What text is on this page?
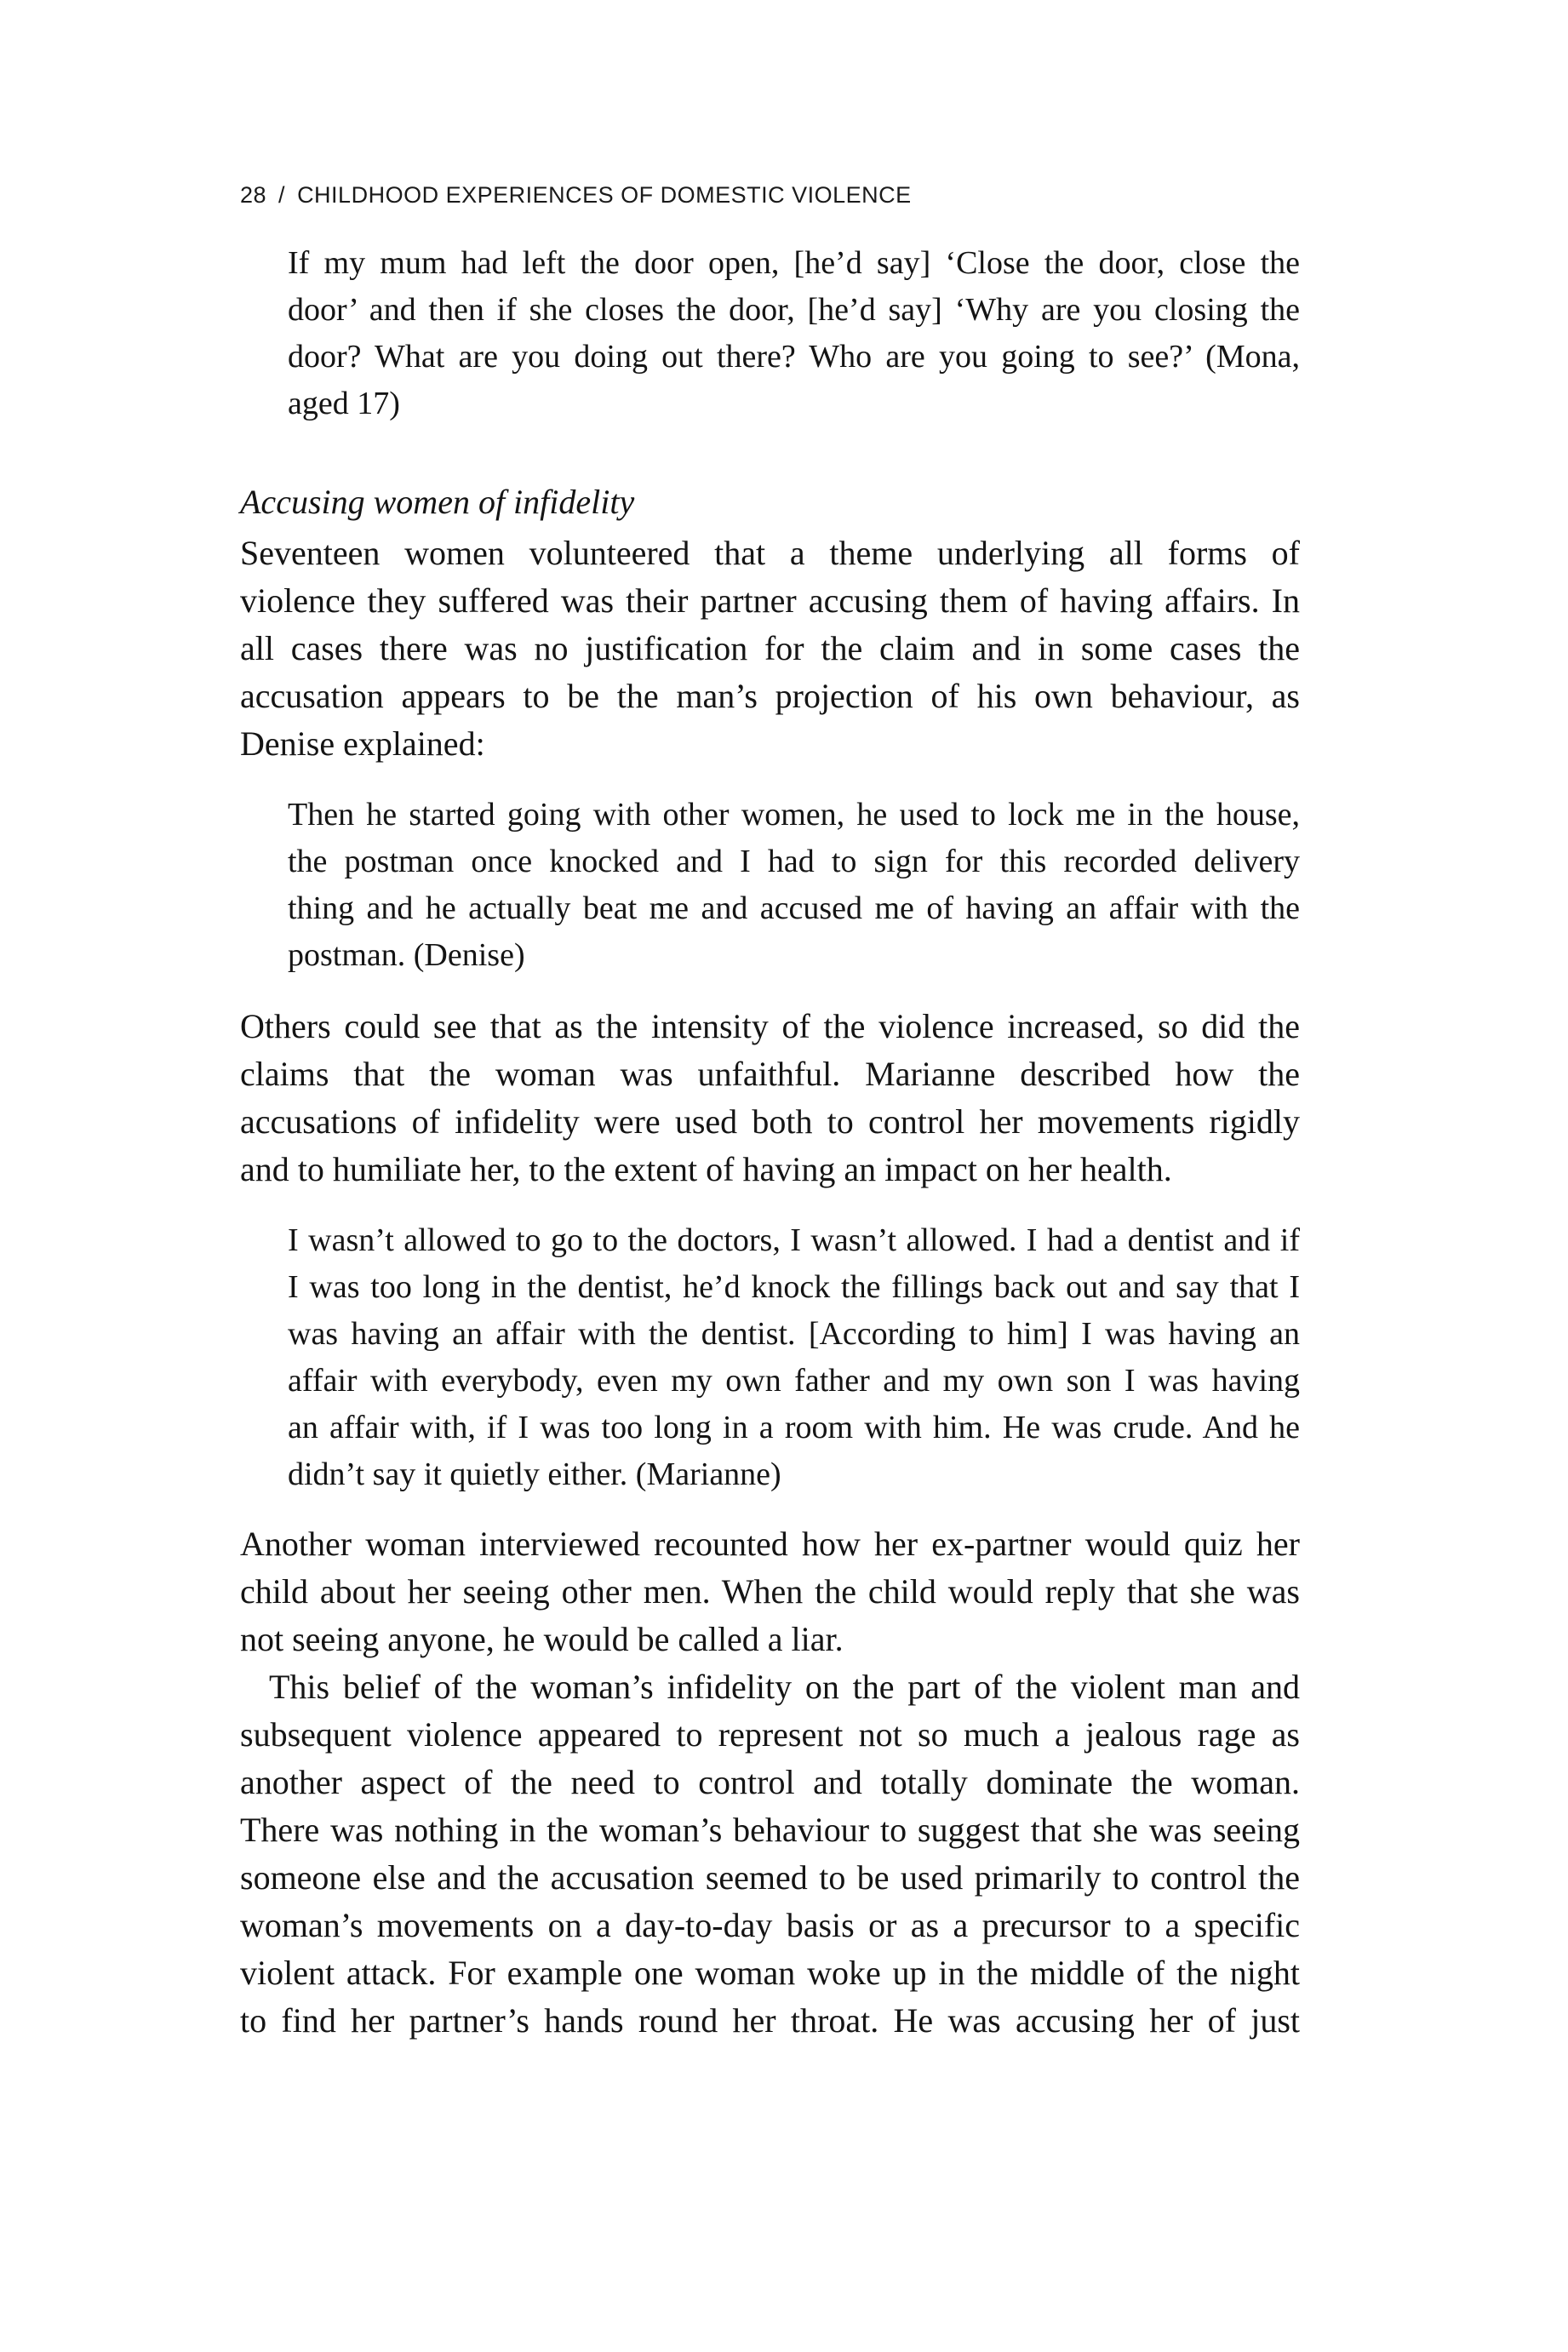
28 / CHILDHOOD EXPERIENCES OF DOMESTIC VIOLENCE
If my mum had left the door open, [he’d say] ‘Close the door, close the
door’ and then if she closes the door, [he’d say] ‘Why are you closing the
door? What are you doing out there? Who are you going to see?’ (Mona,
aged 17)
Accusing women of infidelity
Seventeen women volunteered that a theme underlying all forms of
violence they suffered was their partner accusing them of having affairs. In
all cases there was no justification for the claim and in some cases the
accusation appears to be the man’s projection of his own behaviour, as
Denise explained:
Then he started going with other women, he used to lock me in the house,
the postman once knocked and I had to sign for this recorded delivery
thing and he actually beat me and accused me of having an affair with the
postman. (Denise)
Others could see that as the intensity of the violence increased, so did the
claims that the woman was unfaithful. Marianne described how the
accusations of infidelity were used both to control her movements rigidly
and to humiliate her, to the extent of having an impact on her health.
I wasn’t allowed to go to the doctors, I wasn’t allowed. I had a dentist and if
I was too long in the dentist, he’d knock the fillings back out and say that I
was having an affair with the dentist. [According to him] I was having an
affair with everybody, even my own father and my own son I was having
an affair with, if I was too long in a room with him. He was crude. And he
didn’t say it quietly either. (Marianne)
Another woman interviewed recounted how her ex-partner would quiz her
child about her seeing other men. When the child would reply that she was
not seeing anyone, he would be called a liar.
This belief of the woman’s infidelity on the part of the violent man and
subsequent violence appeared to represent not so much a jealous rage as
another aspect of the need to control and totally dominate the woman.
There was nothing in the woman’s behaviour to suggest that she was seeing
someone else and the accusation seemed to be used primarily to control the
woman’s movements on a day-to-day basis or as a precursor to a specific
violent attack. For example one woman woke up in the middle of the night
to find her partner’s hands round her throat. He was accusing her of just
